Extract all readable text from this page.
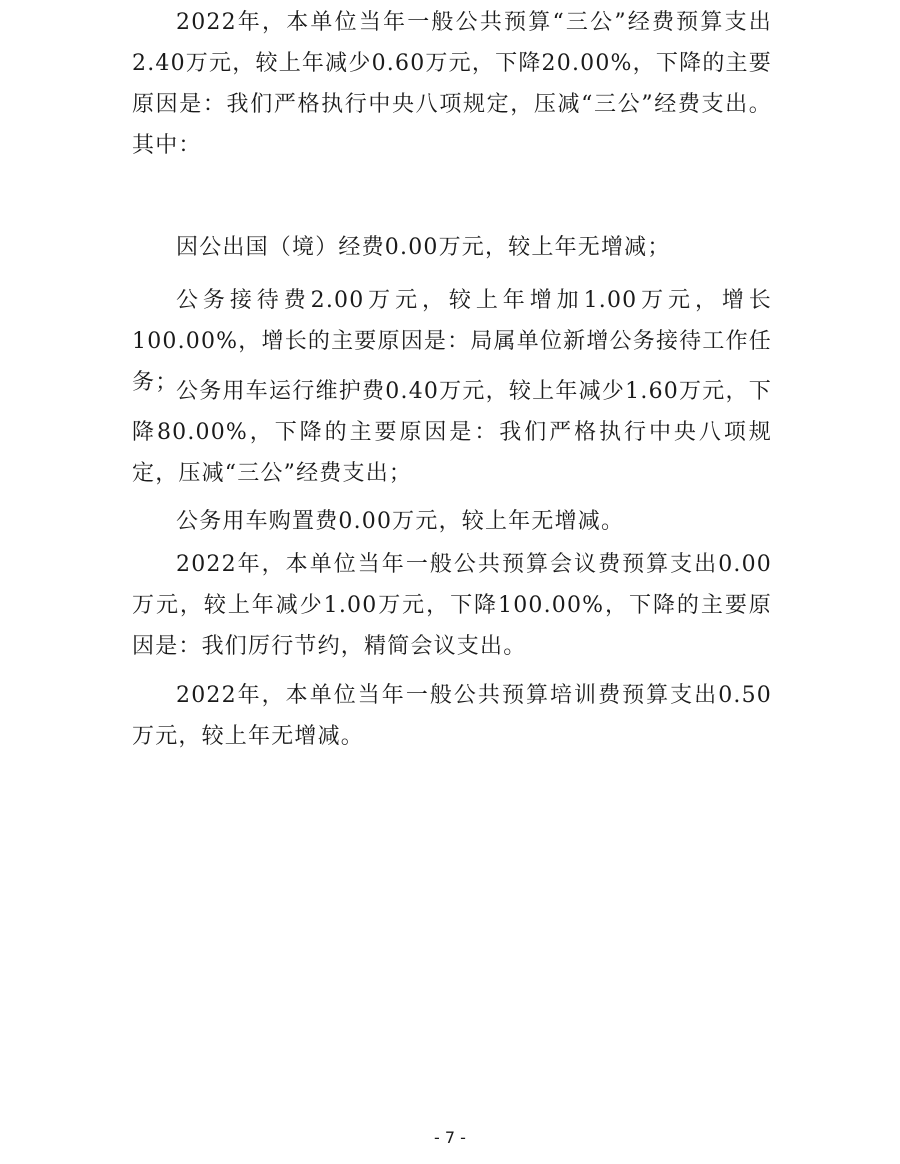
2022年，本单位当年一般公共预算“三公”经费预算支出2.40万元，较上年减少0.60万元，下降20.00%，下降的主要原因是：我们严格执行中央八项规定，压减“三公”经费支出。其中：

因公出国（境）经费0.00万元，较上年无增减；

公务接待费2.00万元，较上年增加1.00万元，增长100.00%，增长的主要原因是：局属单位新增公务接待工作任务；

公务用车运行维护费0.40万元，较上年减少1.60万元，下降80.00%，下降的主要原因是：我们严格执行中央八项规定，压减“三公”经费支出；

公务用车购置费0.00万元，较上年无增减。

2022年，本单位当年一般公共预算会议费预算支出0.00万元，较上年减少1.00万元，下降100.00%，下降的主要原因是：我们厉行节约，精简会议支出。

2022年，本单位当年一般公共预算培训费预算支出0.50万元，较上年无增减。

- 7 -
